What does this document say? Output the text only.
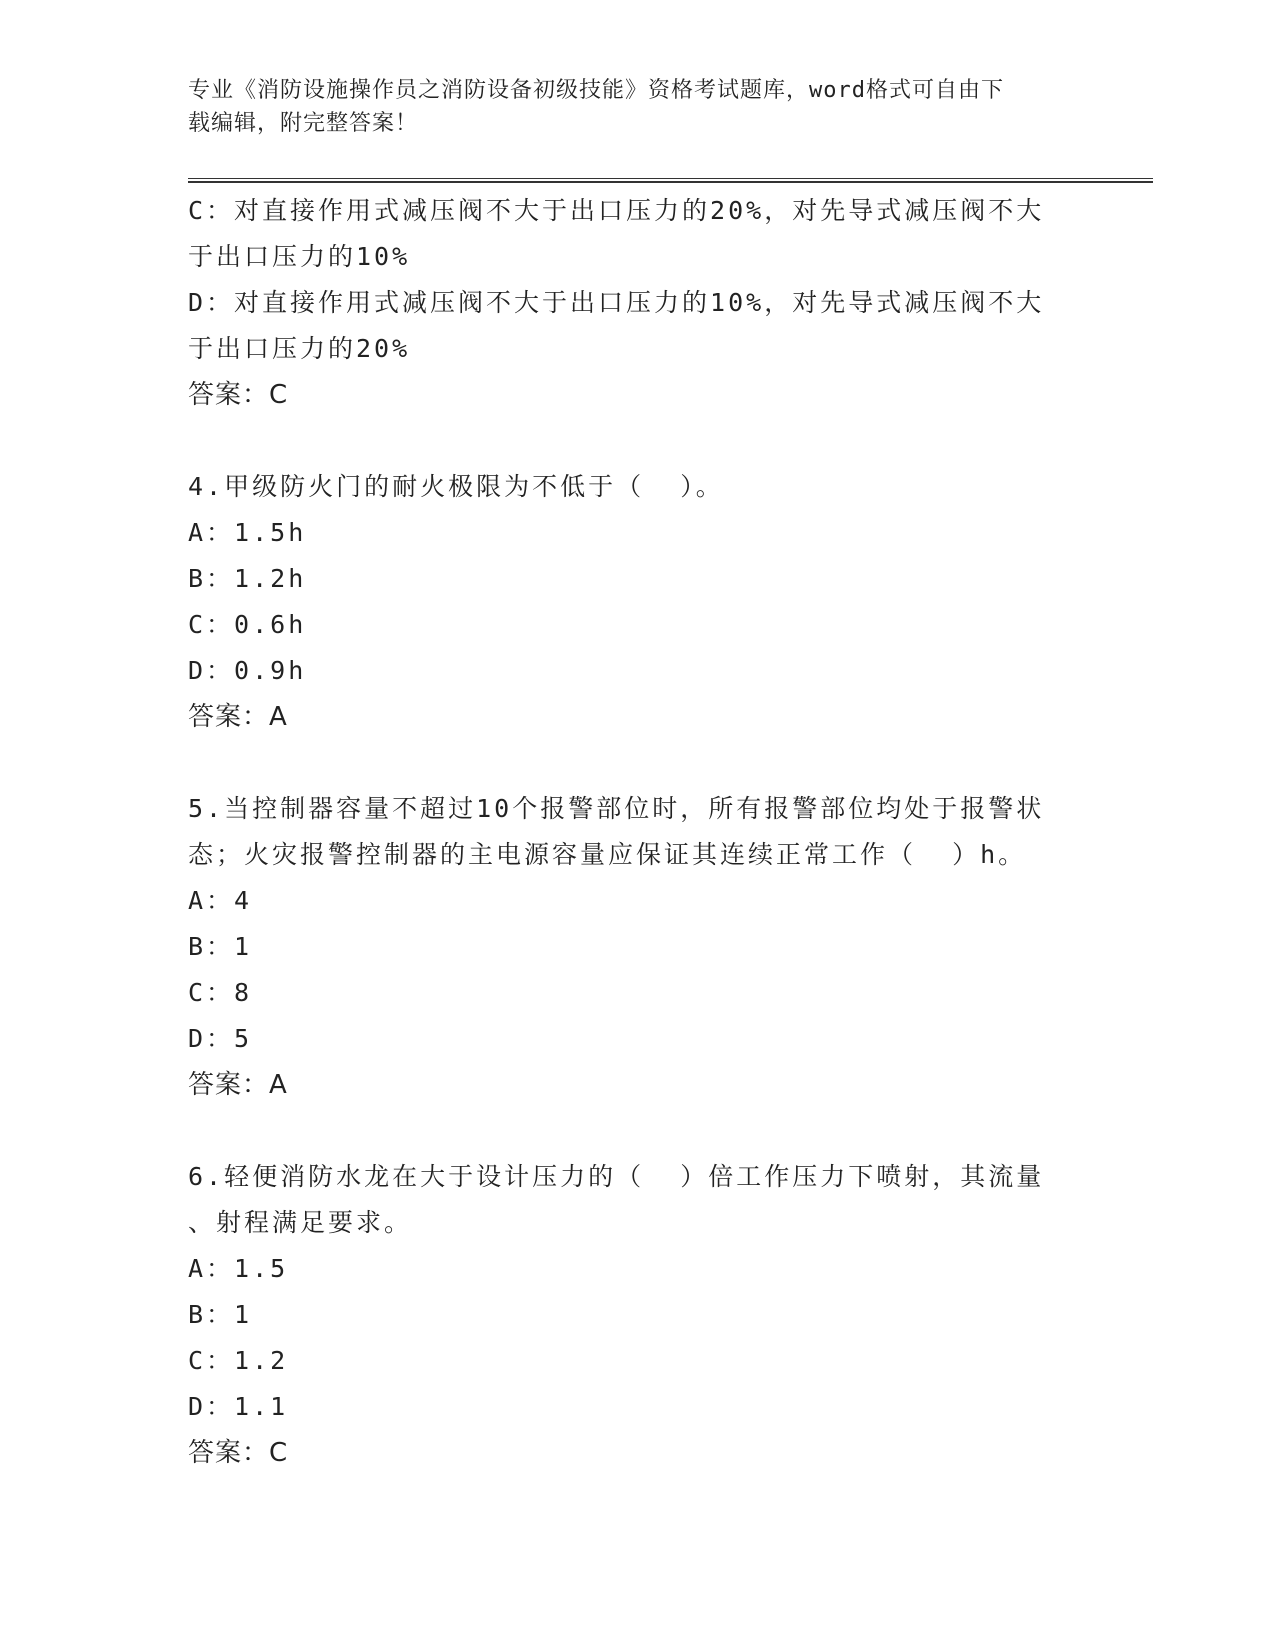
专业《消防设施操作员之消防设备初级技能》资格考试题库，word格式可自由下
载编辑，附完整答案！
C：对直接作用式减压阀不大于出口压力的20%，对先导式减压阀不大
于出口压力的10%
D：对直接作用式减压阀不大于出口压力的10%，对先导式减压阀不大
于出口压力的20%
答案：C
4.甲级防火门的耐火极限为不低于（  ）。
A：1.5h
B：1.2h
C：0.6h
D：0.9h
答案：A
5.当控制器容量不超过10个报警部位时，所有报警部位均处于报警状
态；火灾报警控制器的主电源容量应保证其连续正常工作（  ）h。
A：4
B：1
C：8
D：5
答案：A
6.轻便消防水龙在大于设计压力的（  ）倍工作压力下喷射，其流量
、射程满足要求。
A：1.5
B：1
C：1.2
D：1.1
答案：C
